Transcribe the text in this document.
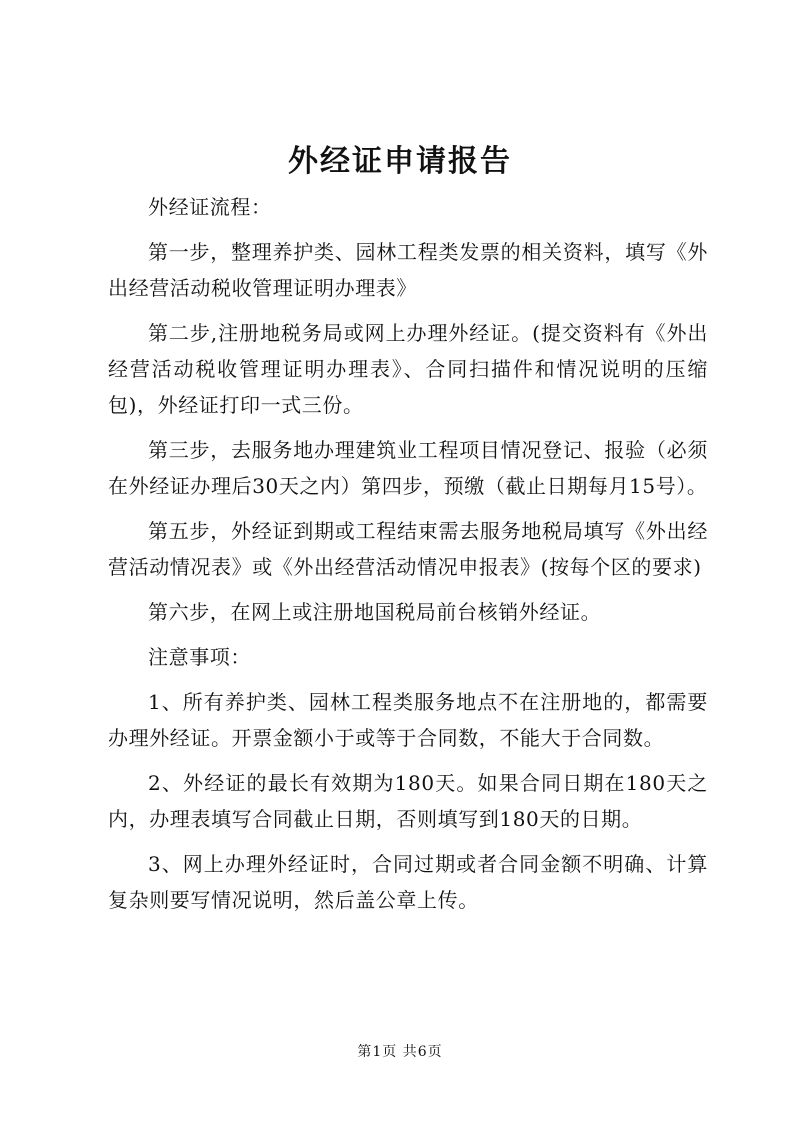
外经证申请报告

外经证流程：

第一步，整理养护类、园林工程类发票的相关资料，填写《外出经营活动税收管理证明办理表》

第二步,注册地税务局或网上办理外经证。(提交资料有《外出经营活动税收管理证明办理表》、合同扫描件和情况说明的压缩包)，外经证打印一式三份。

第三步，去服务地办理建筑业工程项目情况登记、报验（必须在外经证办理后30天之内）第四步，预缴（截止日期每月15号）。

第五步，外经证到期或工程结束需去服务地税局填写《外出经营活动情况表》或《外出经营活动情况申报表》(按每个区的要求)

第六步，在网上或注册地国税局前台核销外经证。

注意事项：

1、所有养护类、园林工程类服务地点不在注册地的，都需要办理外经证。开票金额小于或等于合同数，不能大于合同数。

2、外经证的最长有效期为180天。如果合同日期在180天之内，办理表填写合同截止日期，否则填写到180天的日期。

3、网上办理外经证时，合同过期或者合同金额不明确、计算复杂则要写情况说明，然后盖公章上传。

第1页 共6页
